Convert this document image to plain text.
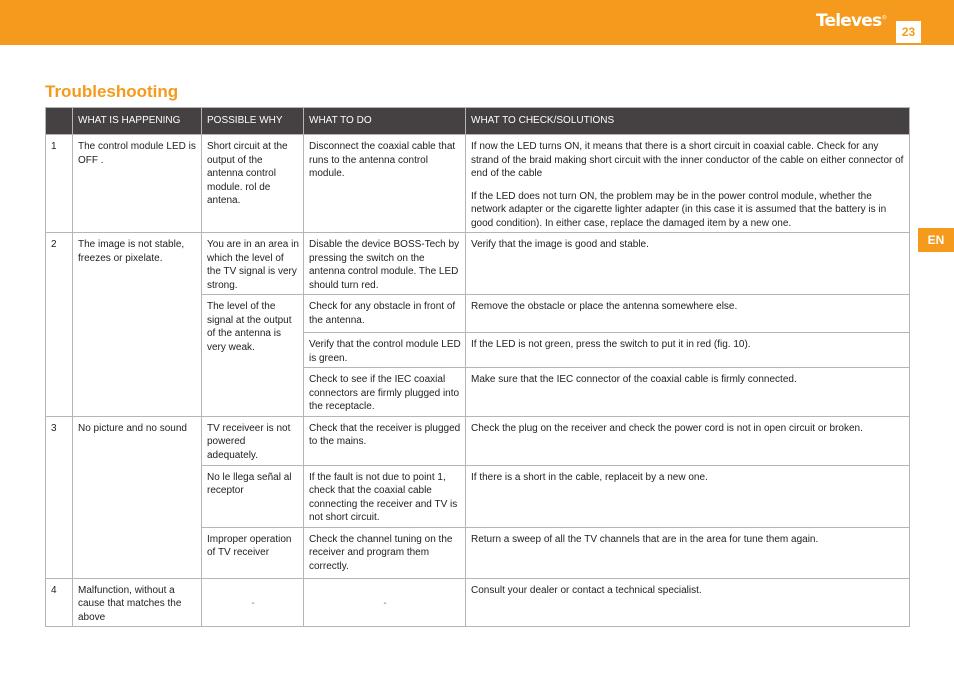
Televes®
23
EN
Troubleshooting
	WHAT IS HAPPENING	POSSIBLE WHY	WHAT TO DO	WHAT TO CHECK/SOLUTIONS
1	The control module LED is OFF .	Short circuit at the output of the antenna control module. rol de antena.	Disconnect the coaxial cable that runs to the antenna control module.	If now the LED turns ON, it means that there is a short circuit in coaxial cable. Check for any strand of the braid making short circuit with the inner conductor of the cable on either connector of end of the cable

If the LED does not turn ON, the problem may be in the power control module, whether the network adapter or the cigarette lighter adapter (in this case it is assumed that the battery is in good condition). In either case, replace the damaged item by a new one.

2	The image is not stable, freezes or pixelate.	You are in an area in which the level of the TV signal is very strong.	Disable the device BOSS-Tech by pressing the switch on the antenna control module. The LED should turn red.	Verify that the image is good and stable.
		The level of the signal at the output of the antenna is very weak.	Check for any obstacle in front of the antenna.	Remove the obstacle or place the antenna somewhere else.
			Verify that the control module LED is green.	If the LED is not green, press the switch to put it in red (fig. 10).
			Check to see if the IEC coaxial connectors are firmly plugged into the receptacle.	Make sure that the IEC connector of the coaxial cable is firmly connected.
3	No picture and no sound	TV receiveer is not powered adequately.	Check that the receiver is plugged to the mains.	Check the plug on the receiver and check the power cord is not in open circuit or broken.
		No le llega señal al receptor	If the fault is not due to point 1, check that the coaxial cable connecting the receiver and TV is not short circuit.	If there is a short in the cable, replaceit by a new one.
		Improper operation of TV receiver	Check the channel tuning on the receiver and program them correctly.	Return a sweep of all the TV channels that are in the area for tune them again.
4	Malfunction, without a cause that matches the above	-	-	Consult your dealer or contact a technical specialist.
